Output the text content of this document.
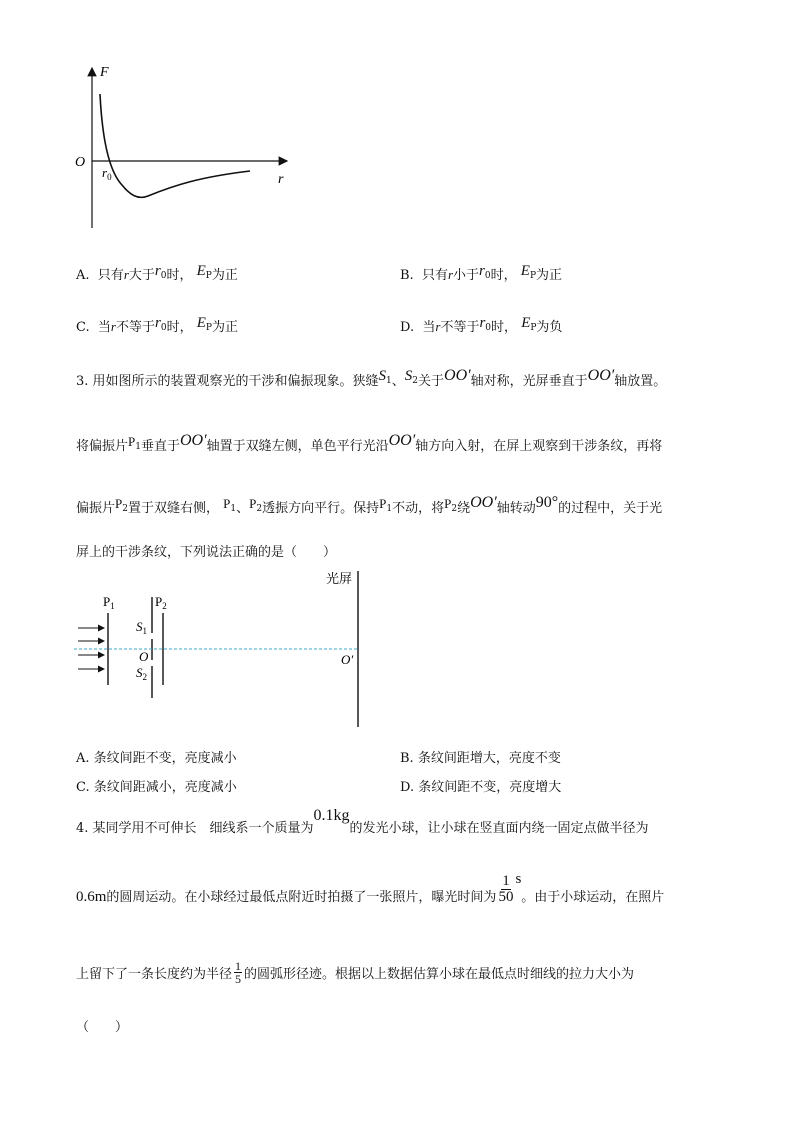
F
O
$r_0$	r
A. 只有r大于$r_0$时， $E_P$为正	B. 只有r小于$r_0$时， $E_P$为正
C. 当r不等于$r_0$时， $E_P$为正	D. 当r不等于$r_0$时， $E_P$为负
3. 用如图所示的装置观察光的干涉和偏振现象。狭缝$S_1$、$S_2$关于OO′轴对称，光屏垂直于OO′轴放置。
将偏振片$P_1$垂直于OO′轴置于双缝左侧，单色平行光沿OO′轴方向入射，在屏上观察到干涉条纹，再将
偏振片$P_2$置于双缝右侧， $P_1$、$P_2$透振方向平行。保持$P_1$不动，将$P_2$绕OO′轴转动90°的过程中，关于光
屏上的干涉条纹，下列说法正确的是（　　）
光屏
$P_1$	$P_2$
$S_1$
O
$S_2$
O′
A. 条纹间距不变，亮度减小	B. 条纹间距增大，亮度不变
C. 条纹间距减小，亮度减小	D. 条纹间距不变，亮度增大
4. 某同学用不可伸长　细线系一个质量为0.1kg的发光小球，让小球在竖直面内绕一固定点做半径为
0.6m的圆周运动。在小球经过最低点附近时拍摄了一张照片，曝光时间为 $\frac{1}{50}$ s。由于小球运动，在照片
上留下了一条长度约为半径 $\frac{1}{5}$ 的圆弧形径迹。根据以上数据估算小球在最低点时细线的拉力大小为
（　　）
